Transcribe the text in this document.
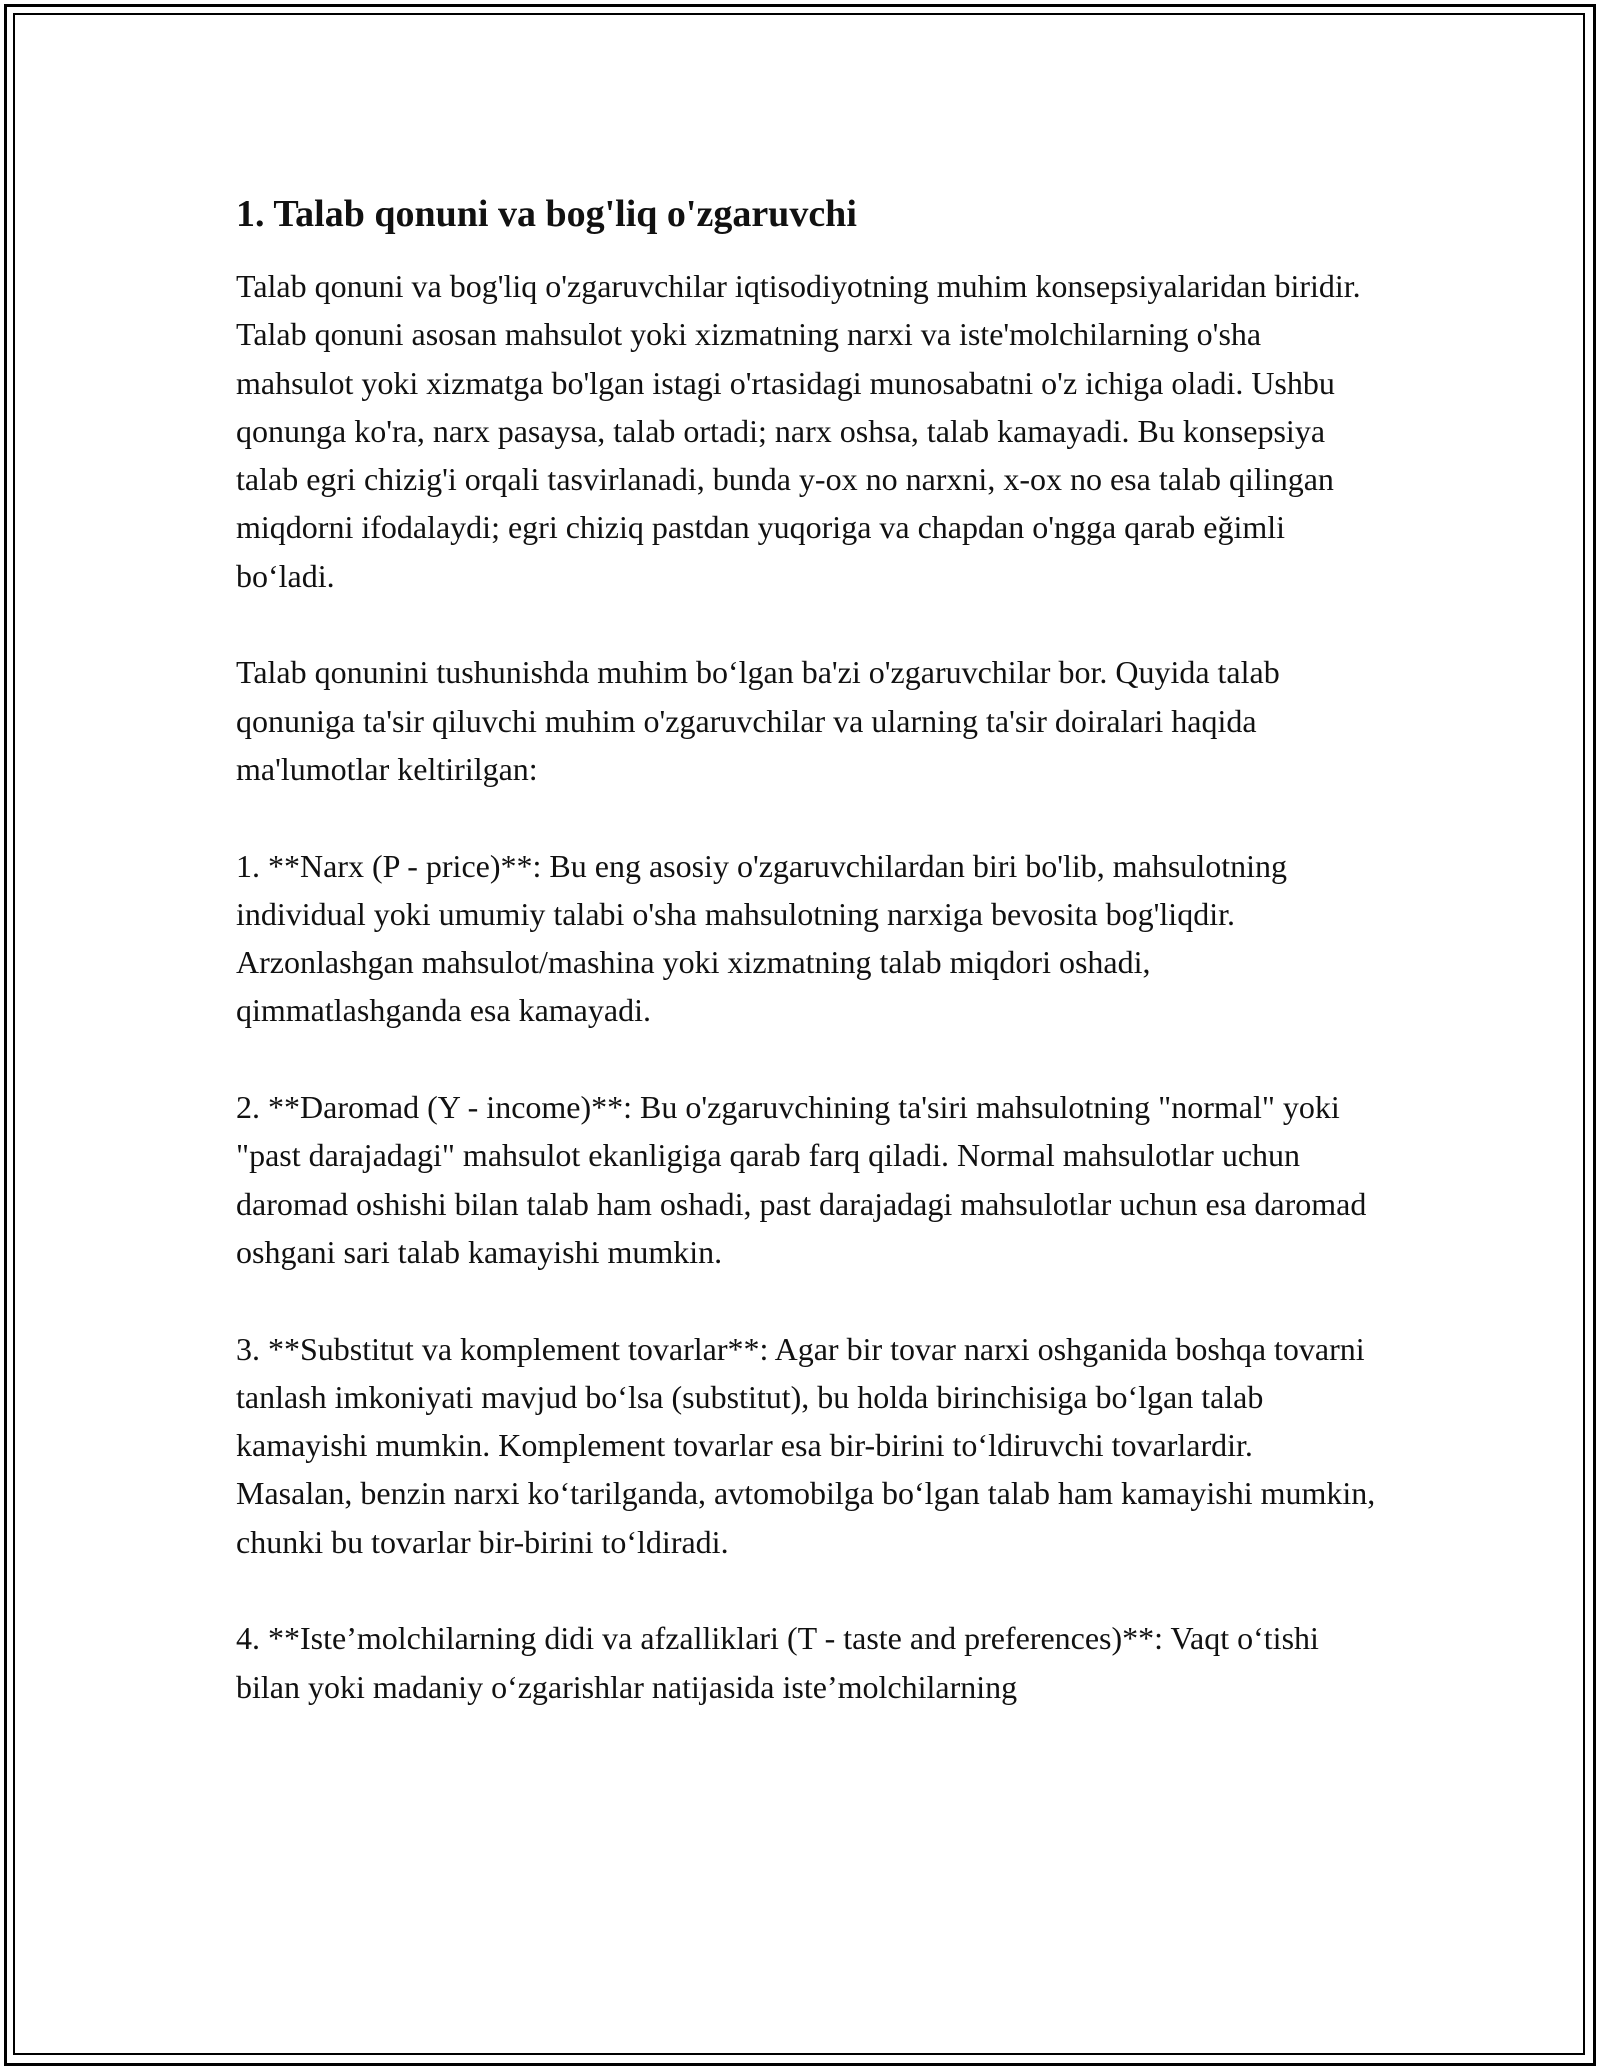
1. Talab qonuni va bog'liq o'zgaruvchi

Talab qonuni va bog'liq o'zgaruvchilar iqtisodiyotning muhim konsepsiyalaridan biridir. Talab qonuni asosan mahsulot yoki xizmatning narxi va iste'molchilarning o'sha mahsulot yoki xizmatga bo'lgan istagi o'rtasidagi munosabatni o'z ichiga oladi. Ushbu qonunga ko'ra, narx pasaysa, talab ortadi; narx oshsa, talab kamayadi. Bu konsepsiya talab egri chizig'i orqali tasvirlanadi, bunda y-ox no narxni, x-ox no esa talab qilingan miqdorni ifodalaydi; egri chiziq pastdan yuqoriga va chapdan o'ngga qarab eğimli boʻladi.

Talab qonunini tushunishda muhim boʻlgan ba'zi o'zgaruvchilar bor. Quyida talab qonuniga ta'sir qiluvchi muhim o'zgaruvchilar va ularning ta'sir doiralari haqida ma'lumotlar keltirilgan:

1. **Narx (P - price)**: Bu eng asosiy o'zgaruvchilardan biri bo'lib, mahsulotning individual yoki umumiy talabi o'sha mahsulotning narxiga bevosita bog'liqdir. Arzonlashgan mahsulot/mashina yoki xizmatning talab miqdori oshadi, qimmatlashganda esa kamayadi.

2. **Daromad (Y - income)**: Bu o'zgaruvchining ta'siri mahsulotning "normal" yoki "past darajadagi" mahsulot ekanligiga qarab farq qiladi. Normal mahsulotlar uchun daromad oshishi bilan talab ham oshadi, past darajadagi mahsulotlar uchun esa daromad oshgani sari talab kamayishi mumkin.

3. **Substitut va komplement tovarlar**: Agar bir tovar narxi oshganida boshqa tovarni tanlash imkoniyati mavjud boʻlsa (substitut), bu holda birinchisiga boʻlgan talab kamayishi mumkin. Komplement tovarlar esa bir-birini toʻldiruvchi tovarlardir. Masalan, benzin narxi koʻtarilganda, avtomobilga boʻlgan talab ham kamayishi mumkin, chunki bu tovarlar bir-birini toʻldiradi.

4. **Iste’molchilarning didi va afzalliklari (T - taste and preferences)**: Vaqt oʻtishi bilan yoki madaniy oʻzgarishlar natijasida iste’molchilarning
